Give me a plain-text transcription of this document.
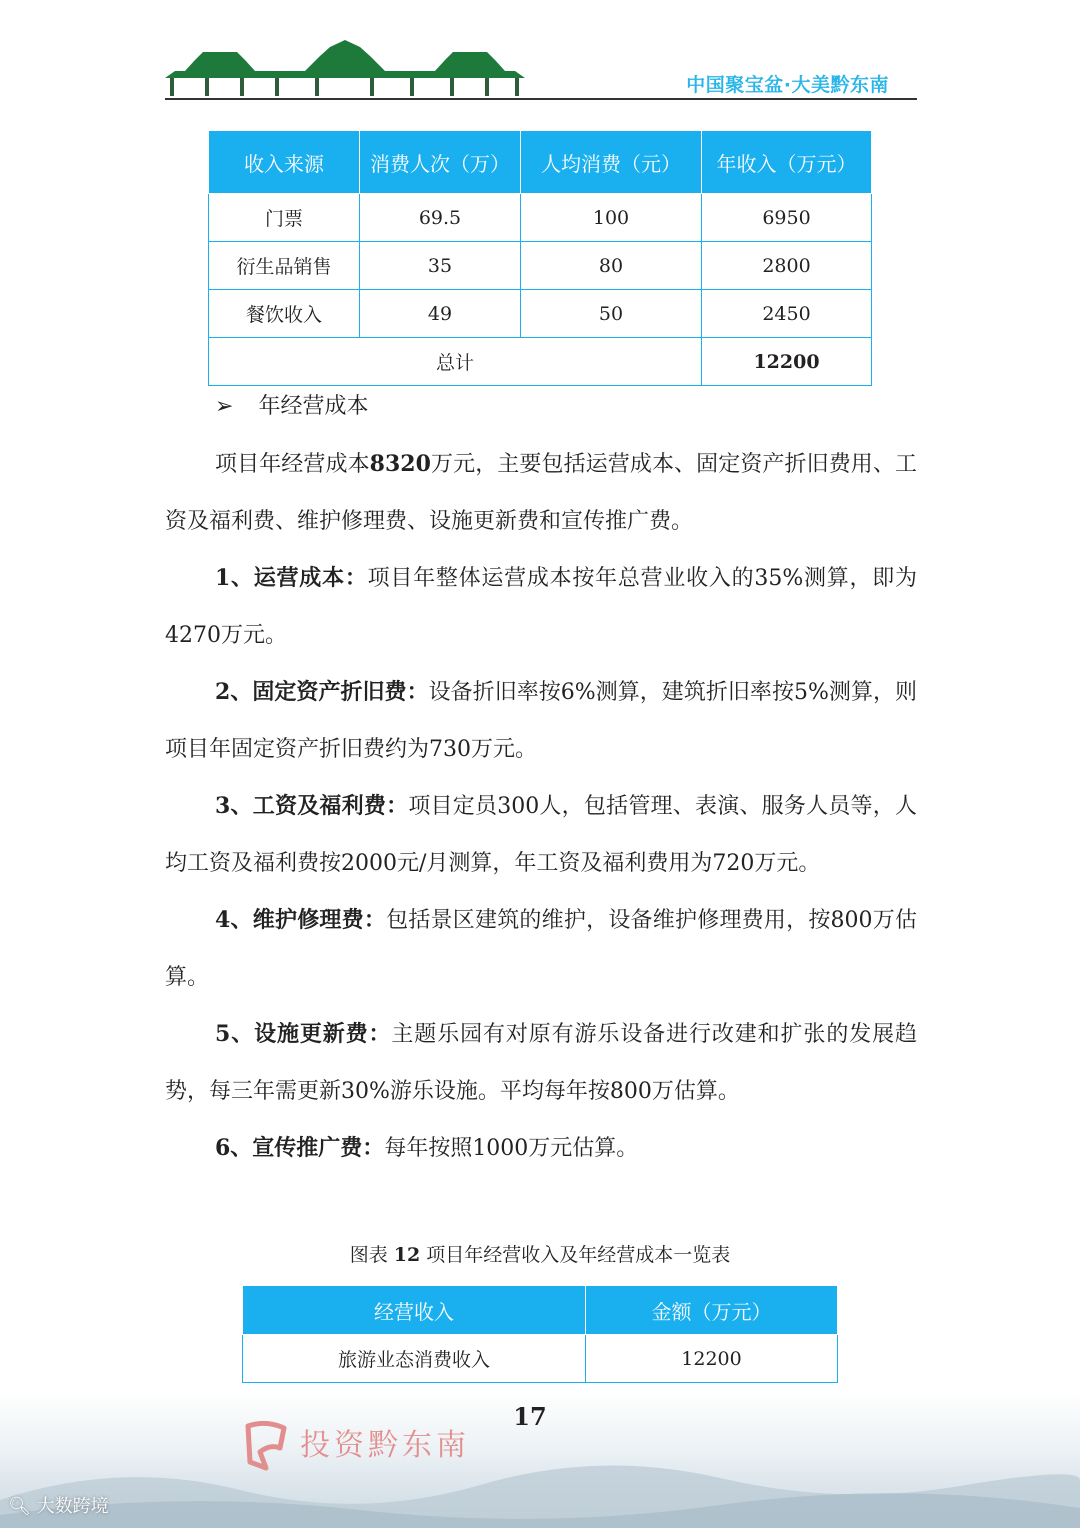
中国聚宝盆·大美黔东南
收入来源	消费人次（万）	人均消费（元）	年收入（万元）
门票	69.5	100	6950
衍生品销售	35	80	2800
餐饮收入	49	50	2450
总计			12200
➢ 年经营成本

项目年经营成本8320万元，主要包括运营成本、固定资产折旧费用、工资及福利费、维护修理费、设施更新费和宣传推广费。

1、运营成本：项目年整体运营成本按年总营业收入的35%测算，即为4270万元。

2、固定资产折旧费：设备折旧率按6%测算，建筑折旧率按5%测算，则项目年固定资产折旧费约为730万元。

3、工资及福利费：项目定员300人，包括管理、表演、服务人员等，人均工资及福利费按2000元/月测算，年工资及福利费用为720万元。

4、维护修理费：包括景区建筑的维护，设备维护修理费用，按800万估算。

5、设施更新费：主题乐园有对原有游乐设备进行改建和扩张的发展趋势，每三年需更新30%游乐设施。平均每年按800万估算。

6、宣传推广费：每年按照1000万元估算。

图表 12 项目年经营收入及年经营成本一览表
经营收入	金额（万元）
旅游业态消费收入	12200
投资黔东南
17
🔍︎ 大数跨境
